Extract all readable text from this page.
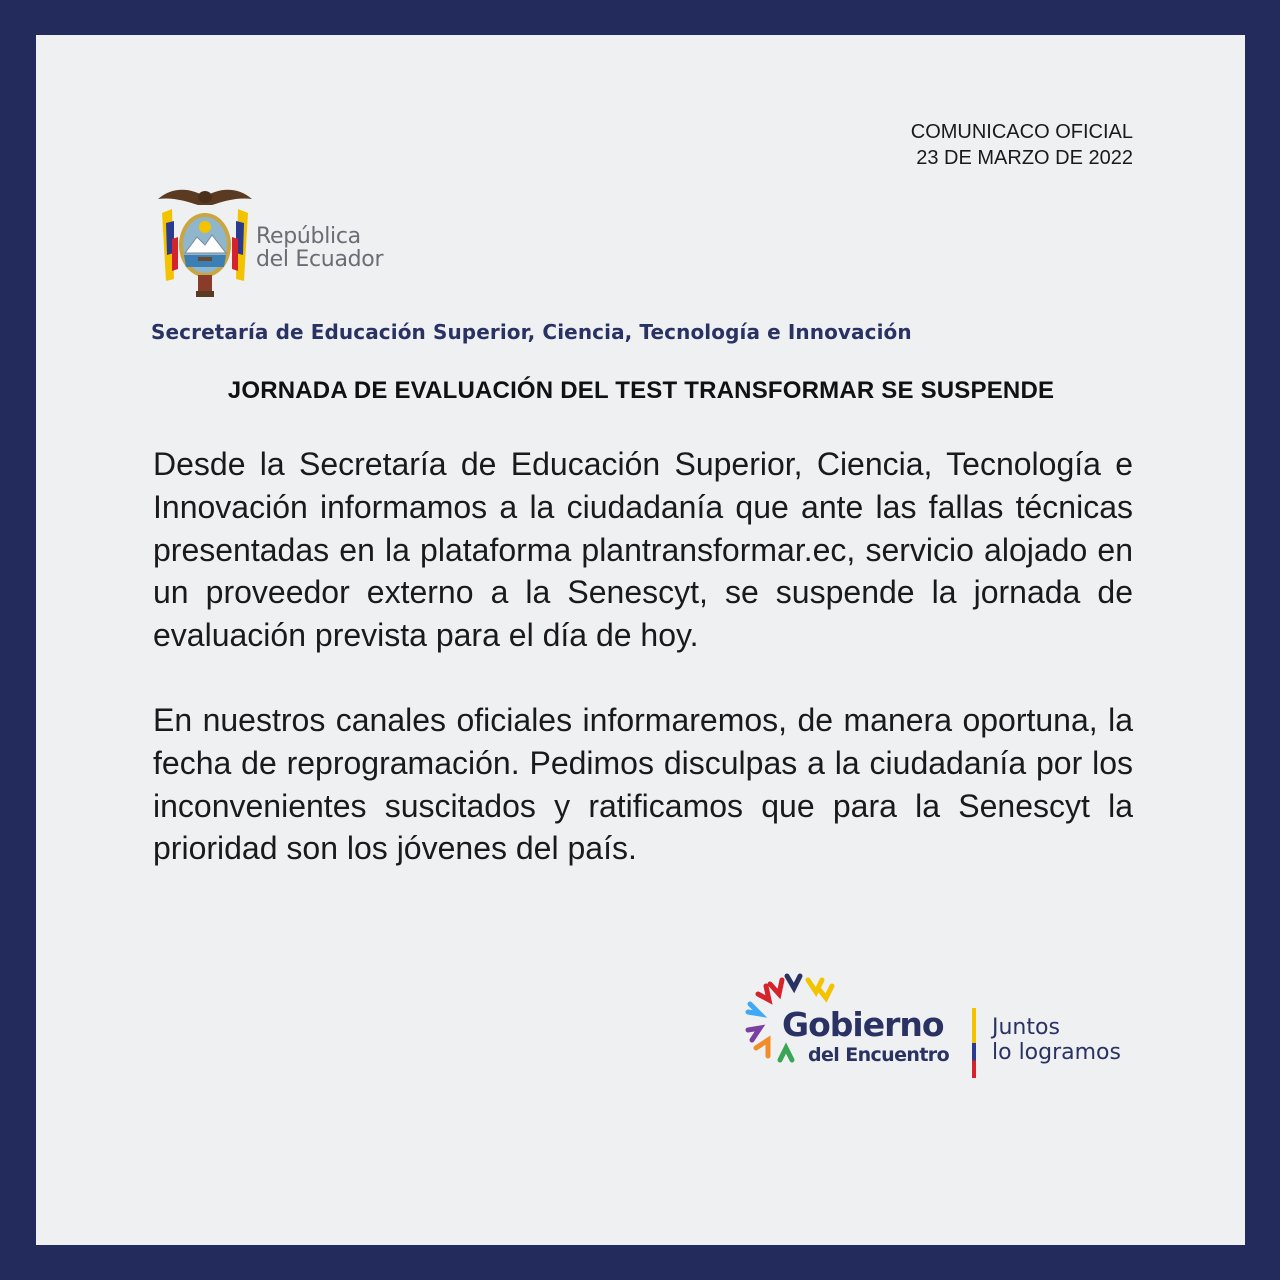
COMUNICACO OFICIAL
23 DE MARZO DE 2022
República
del Ecuador
Secretaría de Educación Superior, Ciencia, Tecnología e Innovación
JORNADA DE EVALUACIÓN DEL TEST TRANSFORMAR SE SUSPENDE

Desde la Secretaría de Educación Superior, Ciencia, Tecnología e Innovación informamos a la ciudadanía que ante las fallas técnicas presentadas en la plataforma plantransformar.ec, servicio alojado en un proveedor externo a la Senescyt, se suspende la jornada de evaluación prevista para el día de hoy.

En nuestros canales oficiales informaremos, de manera oportuna, la fecha de reprogramación. Pedimos disculpas a la ciudadanía por los inconvenientes suscitados y ratificamos que para la Senescyt la prioridad son los jóvenes del país.

Gobierno
del Encuentro
Juntos
lo logramos
